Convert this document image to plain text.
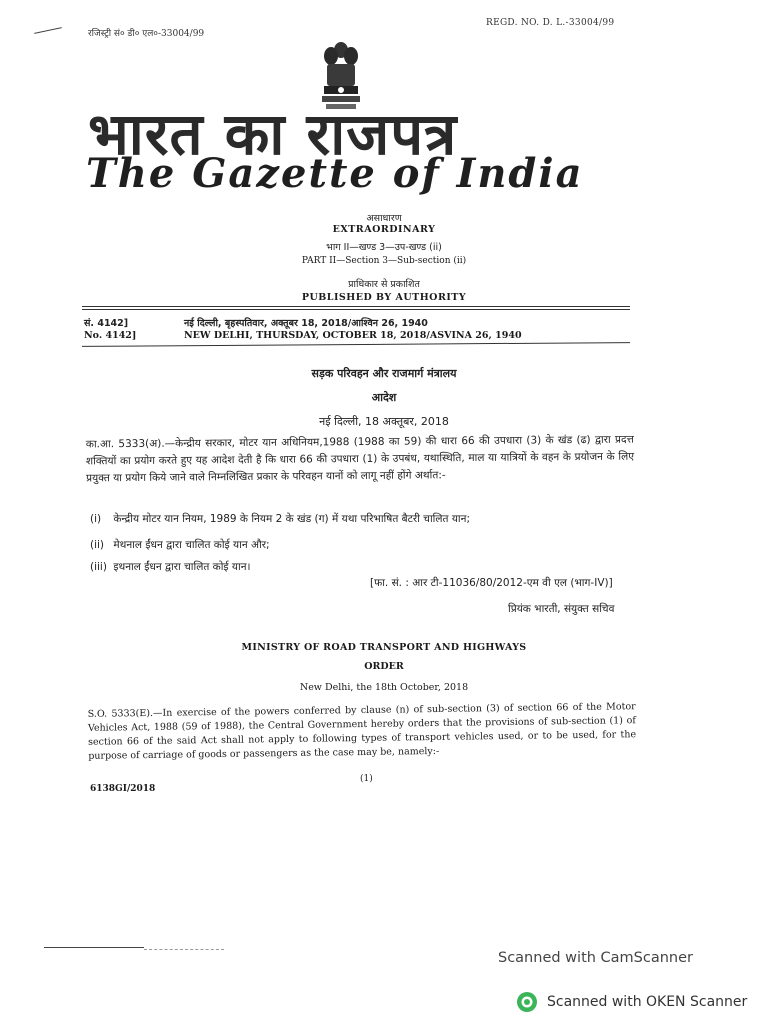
रजिस्ट्री सं० डी० एल०-33004/99
REGD. NO. D. L.-33004/99
भारत का राजपत्र
The Gazette of India
असाधारण
EXTRAORDINARY
भाग II—खण्ड 3—उप-खण्ड (ii)
PART II—Section 3—Sub-section (ii)
प्राधिकार से प्रकाशित
PUBLISHED BY AUTHORITY
सं. 4142]	नई दिल्ली, बृहस्पतिवार, अक्तूबर 18, 2018/आश्विन 26, 1940
No. 4142]	NEW DELHI, THURSDAY, OCTOBER 18, 2018/ASVINA 26, 1940
सड़क परिवहन और राजमार्ग मंत्रालय
आदेश
नई दिल्ली, 18 अक्तूबर, 2018
का.आ. 5333(अ).—केन्द्रीय सरकार, मोटर यान अधिनियम,1988 (1988 का 59) की धारा 66 की उपधारा (3) के खंड (ढ) द्वारा प्रदत्त शक्तियों का प्रयोग करते हुए यह आदेश देती है कि धारा 66 की उपधारा (1) के उपबंध, यथास्थिति, माल या यात्रियों के वहन के प्रयोजन के लिए प्रयुक्त या प्रयोग किये जाने वाले निम्नलिखित प्रकार के परिवहन यानों को लागू नहीं होंगे अर्थात:-
(i) केन्द्रीय मोटर यान नियम, 1989 के नियम 2 के खंड (ग) में यथा परिभाषित बैटरी चालित यान;
(ii) मेथनाल ईंधन द्वारा चालित कोई यान और;
(iii) इथनाल ईंधन द्वारा चालित कोई यान।
[फा. सं. : आर टी-11036/80/2012-एम वी एल (भाग-IV)]
प्रियंक भारती, संयुक्त सचिव
MINISTRY OF ROAD TRANSPORT AND HIGHWAYS
ORDER
New Delhi, the 18th October, 2018
S.O. 5333(E).—In exercise of the powers conferred by clause (n) of sub-section (3) of section 66 of the Motor Vehicles Act, 1988 (59 of 1988), the Central Government hereby orders that the provisions of sub-section (1) of section 66 of the said Act shall not apply to following types of transport vehicles used, or to be used, for the purpose of carriage of goods or passengers as the case may be, namely:-
(1)
6138GI/2018
Scanned with CamScanner
Scanned with OKEN Scanner
